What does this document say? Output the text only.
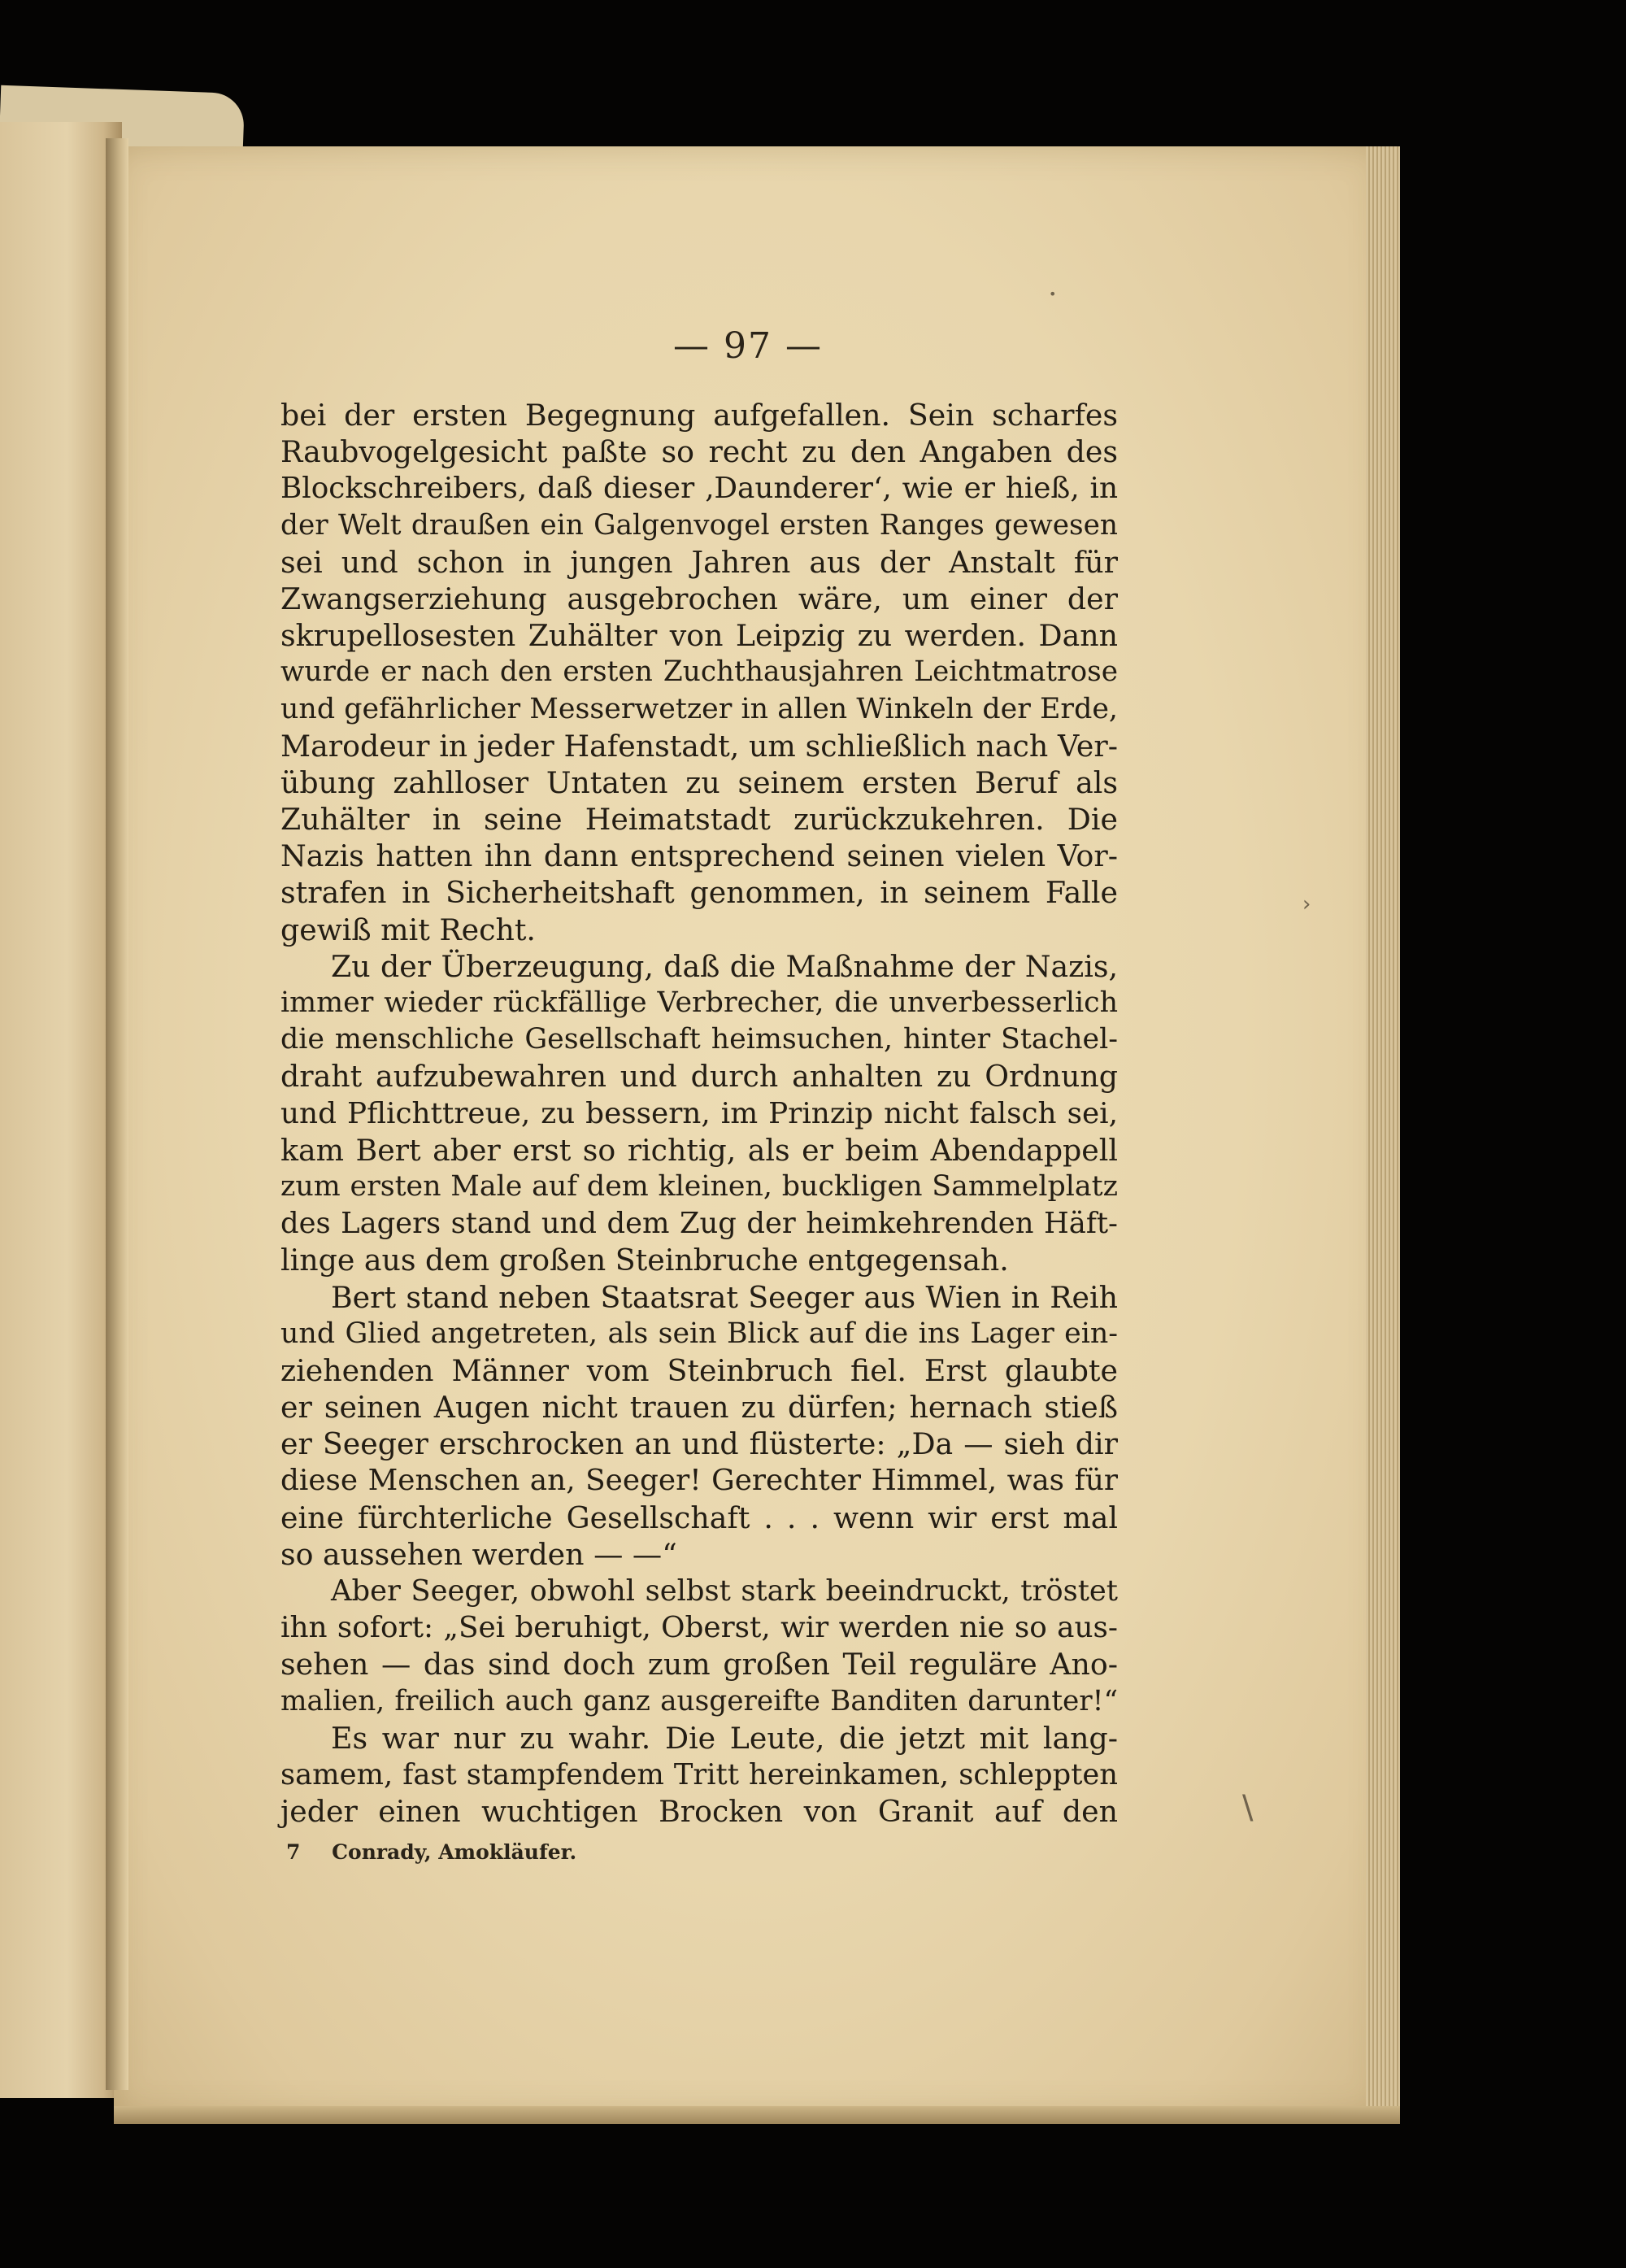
— 97 —
bei der ersten Begegnung aufgefallen. Sein scharfes
Raubvogelgesicht paßte so recht zu den Angaben des
Blockschreibers, daß dieser ‚Daunderer‘, wie er hieß, in
der Welt draußen ein Galgenvogel ersten Ranges gewesen
sei und schon in jungen Jahren aus der Anstalt für
Zwangserziehung ausgebrochen wäre, um einer der
skrupellosesten Zuhälter von Leipzig zu werden. Dann
wurde er nach den ersten Zuchthausjahren Leichtmatrose
und gefährlicher Messerwetzer in allen Winkeln der Erde,
Marodeur in jeder Hafenstadt, um schließlich nach Ver-
übung zahlloser Untaten zu seinem ersten Beruf als
Zuhälter in seine Heimatstadt zurückzukehren. Die
Nazis hatten ihn dann entsprechend seinen vielen Vor-
strafen in Sicherheitshaft genommen, in seinem Falle
gewiß mit Recht.
Zu der Überzeugung, daß die Maßnahme der Nazis,
immer wieder rückfällige Verbrecher, die unverbesserlich
die menschliche Gesellschaft heimsuchen, hinter Stachel-
draht aufzubewahren und durch anhalten zu Ordnung
und Pflichttreue, zu bessern, im Prinzip nicht falsch sei,
kam Bert aber erst so richtig, als er beim Abendappell
zum ersten Male auf dem kleinen, buckligen Sammelplatz
des Lagers stand und dem Zug der heimkehrenden Häft-
linge aus dem großen Steinbruche entgegensah.
Bert stand neben Staatsrat Seeger aus Wien in Reih
und Glied angetreten, als sein Blick auf die ins Lager ein-
ziehenden Männer vom Steinbruch fiel. Erst glaubte
er seinen Augen nicht trauen zu dürfen; hernach stieß
er Seeger erschrocken an und flüsterte: „Da — sieh dir
diese Menschen an, Seeger! Gerechter Himmel, was für
eine fürchterliche Gesellschaft . . . wenn wir erst mal
so aussehen werden — —“
Aber Seeger, obwohl selbst stark beeindruckt, tröstet
ihn sofort: „Sei beruhigt, Oberst, wir werden nie so aus-
sehen — das sind doch zum großen Teil reguläre Ano-
malien, freilich auch ganz ausgereifte Banditen darunter!“
Es war nur zu wahr. Die Leute, die jetzt mit lang-
samem, fast stampfendem Tritt hereinkamen, schleppten
jeder einen wuchtigen Brocken von Granit auf den
7 Conrady, Amokläufer.
•
›
\
